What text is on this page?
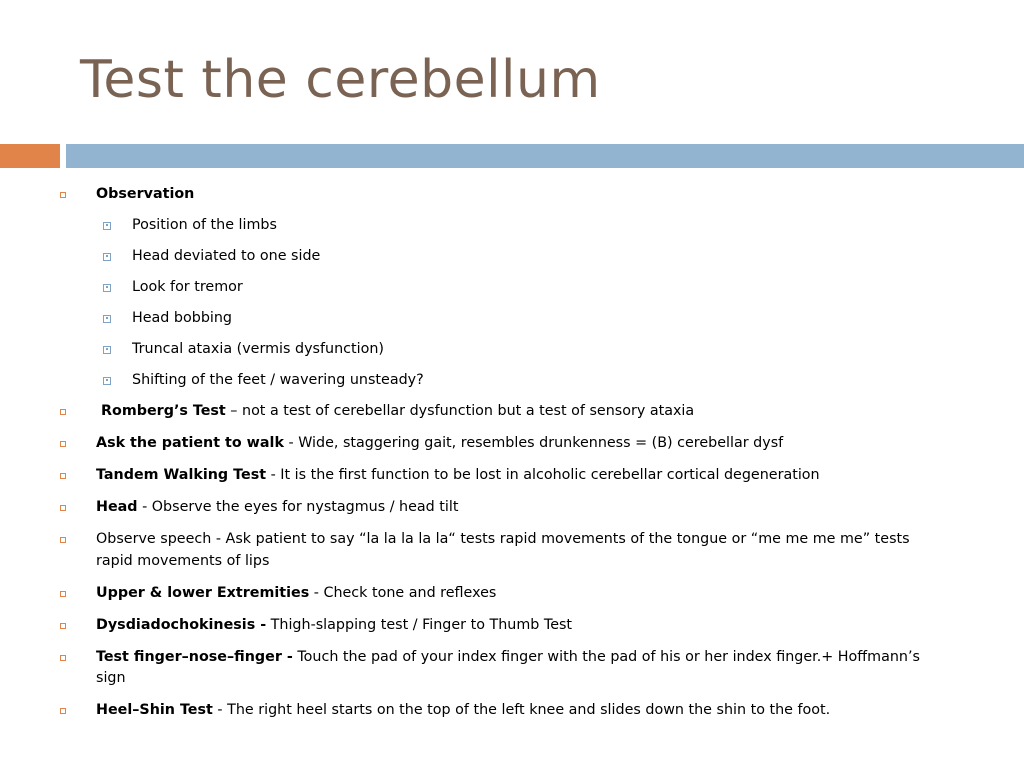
Test the cerebellum
Observation
Position of the limbs
Head deviated to one side
Look for tremor
Head bobbing
Truncal ataxia (vermis dysfunction)
Shifting of the feet / wavering unsteady?
Romberg’s Test – not a test of cerebellar dysfunction but a test of sensory ataxia
Ask the patient to walk - Wide, staggering gait, resembles drunkenness = (B) cerebellar dysf
Tandem Walking Test - It is the first function to be lost in alcoholic cerebellar cortical degeneration
Head - Observe the eyes for nystagmus / head tilt
Observe speech - Ask patient to say “la la la la la“ tests rapid movements of the tongue or “me me me me” tests rapid movements of lips
Upper & lower Extremities - Check tone and reflexes
Dysdiadochokinesis - Thigh-slapping test / Finger to Thumb Test
Test finger–nose–finger - Touch the pad of your index finger with the pad of his or her index finger.+ Hoffmann’s sign
Heel–Shin Test - The right heel starts on the top of the left knee and slides down the shin to the foot.
